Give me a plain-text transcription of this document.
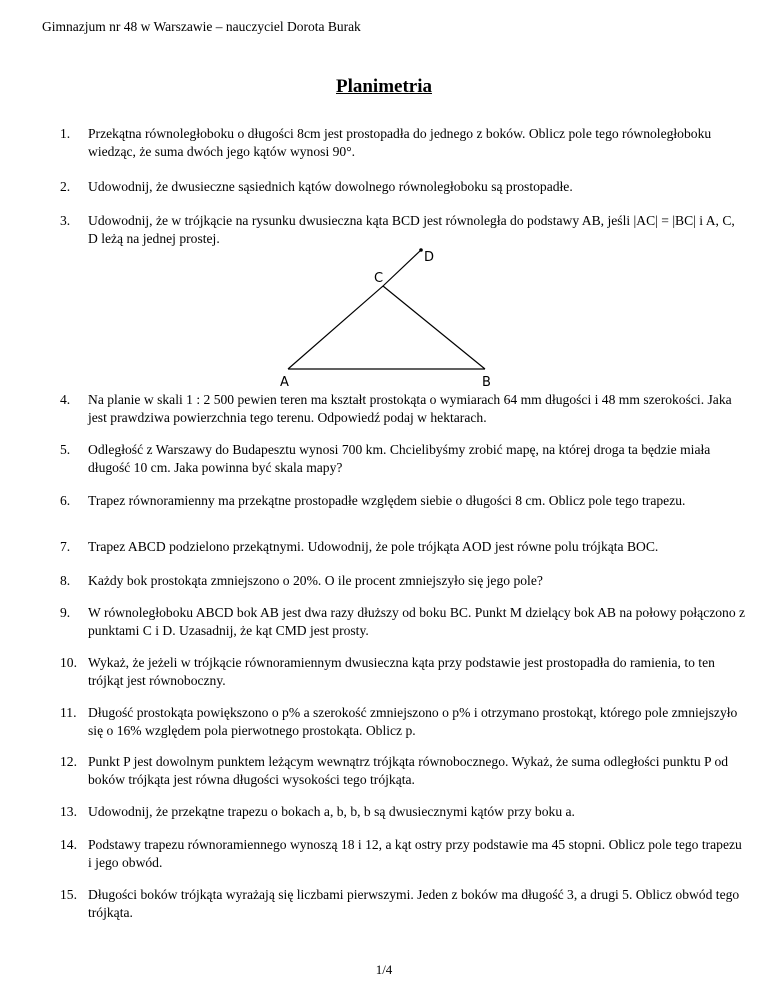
Gimnazjum nr 48 w Warszawie – nauczyciel Dorota Burak
Planimetria
1.	Przekątna równoległoboku o długości 8cm jest prostopadła do jednego z boków. Oblicz pole tego równoległoboku wiedząc, że suma dwóch jego kątów wynosi 90°.
2.	Udowodnij, że dwusieczne sąsiednich kątów dowolnego równoległoboku są prostopadłe.
3.	Udowodnij, że w trójkącie na rysunku dwusieczna kąta BCD jest równoległa do podstawy AB, jeśli |AC| = |BC| i A, C, D leżą na jednej prostej.
A	B
C
D
4.	Na planie w skali 1 : 2 500 pewien teren ma kształt prostokąta o wymiarach 64 mm długości i 48 mm szerokości. Jaka jest prawdziwa powierzchnia tego terenu. Odpowiedź podaj w hektarach.
5.	Odległość z Warszawy do Budapesztu wynosi 700 km. Chcielibyśmy zrobić mapę, na której droga ta będzie miała długość 10 cm. Jaka powinna być skala mapy?
6.	Trapez równoramienny ma przekątne prostopadłe względem siebie o długości 8 cm. Oblicz pole tego trapezu.
7.	Trapez ABCD podzielono przekątnymi. Udowodnij, że pole trójkąta AOD jest równe polu trójkąta BOC.
8.	Każdy bok prostokąta zmniejszono o 20%. O ile procent zmniejszyło się jego pole?
9.	W równoległoboku ABCD bok AB jest dwa razy dłuższy od boku BC. Punkt M dzielący bok AB na połowy połączono z punktami C i D. Uzasadnij, że kąt CMD jest prosty.
10. Wykaż, że jeżeli w trójkącie równoramiennym dwusieczna kąta przy podstawie jest prostopadła do ramienia, to ten trójkąt jest równoboczny.
11. Długość prostokąta powiększono o p% a szerokość zmniejszono o p% i otrzymano prostokąt, którego pole zmniejszyło się o 16% względem pola pierwotnego prostokąta. Oblicz p.
12. Punkt P jest dowolnym punktem leżącym wewnątrz trójkąta równobocznego. Wykaż, że suma odległości punktu P od boków trójkąta jest równa długości wysokości tego trójkąta.
13. Udowodnij, że przekątne trapezu o bokach a, b, b, b są dwusiecznymi kątów przy boku a.
14. Podstawy trapezu równoramiennego wynoszą 18 i 12, a kąt ostry przy podstawie ma 45 stopni. Oblicz pole tego trapezu i jego obwód.
15. Długości boków trójkąta wyrażają się liczbami pierwszymi. Jeden z boków ma długość 3, a drugi 5. Oblicz obwód tego trójkąta.
1/4
